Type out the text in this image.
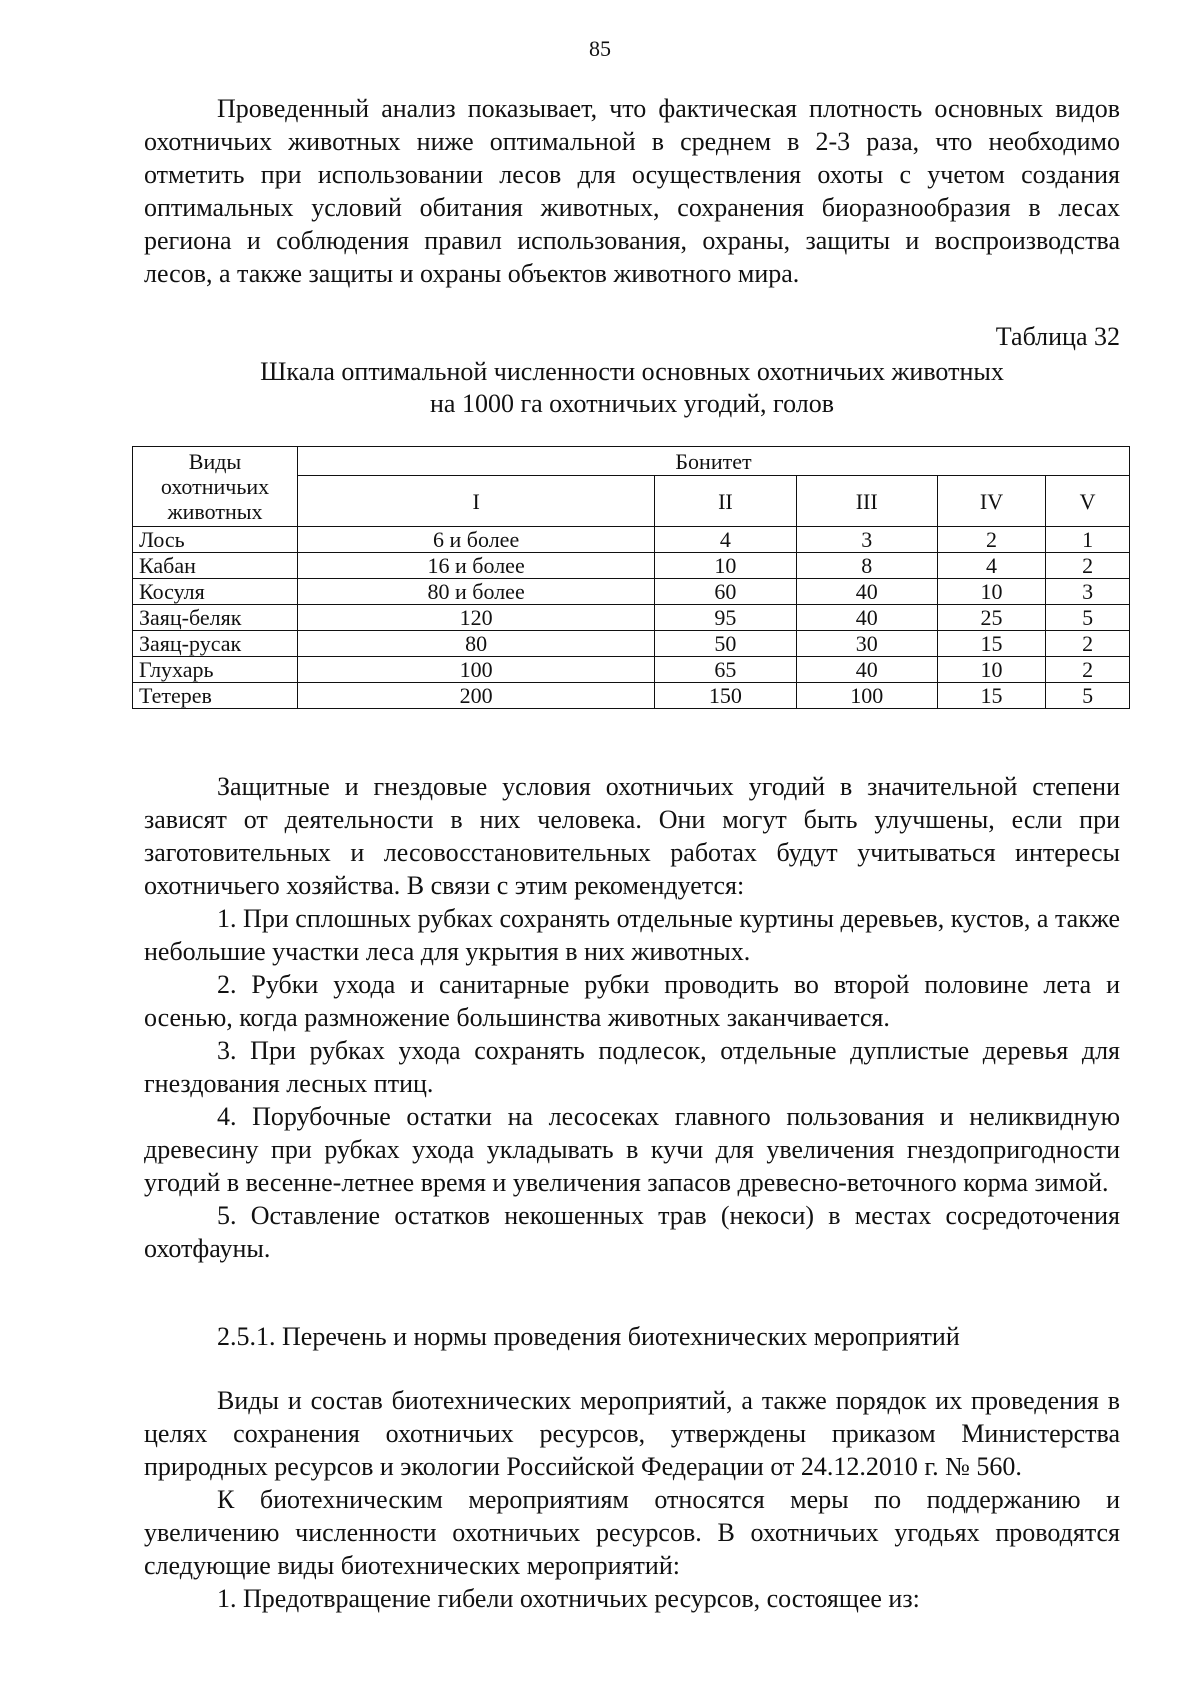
85

Проведенный анализ показывает, что фактическая плотность основных видов охотничьих животных ниже оптимальной в среднем в 2-3 раза, что необходимо отметить при использовании лесов для осуществления охоты с учетом создания оптимальных условий обитания животных, сохранения биоразнообразия в лесах региона и соблюдения правил использования, охраны, защиты и воспроизводства лесов, а также защиты и охраны объектов животного мира.

Таблица 32
Шкала оптимальной численности основных охотничьих животных
на 1000 га охотничьих угодий, голов
Виды охотничьих животных	Бонитет				
	I	II	III	IV	V
Лось	6 и более	4	3	2	1
Кабан	16 и более	10	8	4	2
Косуля	80 и более	60	40	10	3
Заяц-беляк	120	95	40	25	5
Заяц-русак	80	50	30	15	2
Глухарь	100	65	40	10	2
Тетерев	200	150	100	15	5

Защитные и гнездовые условия охотничьих угодий в значительной степени зависят от деятельности в них человека. Они могут быть улучшены, если при заготовительных и лесовосстановительных работах будут учитываться интересы охотничьего хозяйства. В связи с этим рекомендуется:

1. При сплошных рубках сохранять отдельные куртины деревьев, кустов, а также небольшие участки леса для укрытия в них животных.

2. Рубки ухода и санитарные рубки проводить во второй половине лета и осенью, когда размножение большинства животных заканчивается.

3. При рубках ухода сохранять подлесок, отдельные дуплистые деревья для гнездования лесных птиц.

4. Порубочные остатки на лесосеках главного пользования и неликвидную древесину при рубках ухода укладывать в кучи для увеличения гнездопригодности угодий в весенне-летнее время и увеличения запасов древесно-веточного корма зимой.

5. Оставление остатков некошенных трав (некоси) в местах сосредоточения охотфауны.

2.5.1. Перечень и нормы проведения биотехнических мероприятий

Виды и состав биотехнических мероприятий, а также порядок их проведения в целях сохранения охотничьих ресурсов, утверждены приказом Министерства природных ресурсов и экологии Российской Федерации от 24.12.2010 г. № 560.

К биотехническим мероприятиям относятся меры по поддержанию и увеличению численности охотничьих ресурсов. В охотничьих угодьях проводятся следующие виды биотехнических мероприятий:

1. Предотвращение гибели охотничьих ресурсов, состоящее из:
